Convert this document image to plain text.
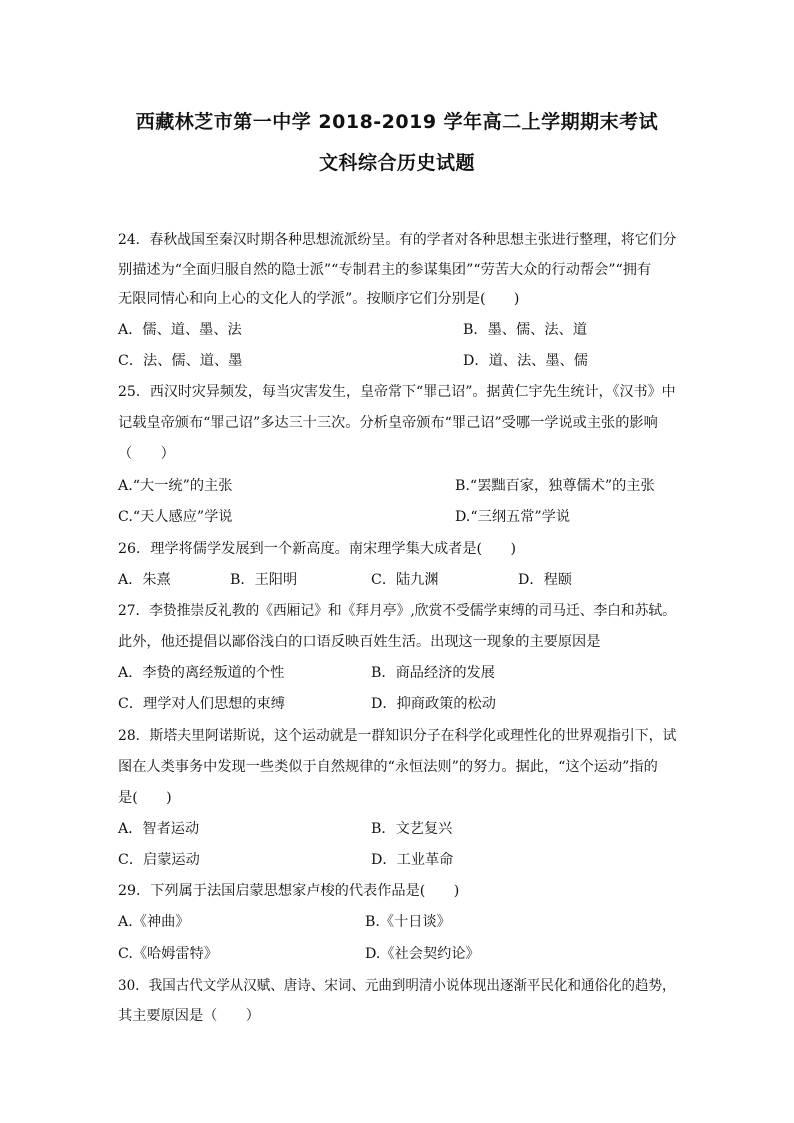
西藏林芝市第一中学 2018-2019 学年高二上学期期末考试
文科综合历史试题
24．春秋战国至秦汉时期各种思想流派纷呈。有的学者对各种思想主张进行整理，将它们分
别描述为“全面归服自然的隐士派”“专制君主的参谋集团”“劳苦大众的行动帮会”“拥有
无限同情心和向上心的文化人的学派”。按顺序它们分别是(　　)
A．儒、道、墨、法	B．墨、儒、法、道
C．法、儒、道、墨	D．道、法、墨、儒
25．西汉时灾异频发，每当灾害发生，皇帝常下“罪己诏”。据黄仁宇先生统计，《汉书》中
记载皇帝颁布“罪己诏”多达三十三次。分析皇帝颁布“罪己诏”受哪一学说或主张的影响
（　　）
A.“大一统”的主张	B.“罢黜百家，独尊儒术”的主张
C.“天人感应”学说	D.“三纲五常”学说
26．理学将儒学发展到一个新高度。南宋理学集大成者是(　　)
A．朱熹	B．王阳明	C．陆九渊	D．程颐
27．李贽推崇反礼教的《西厢记》和《拜月亭》,欣赏不受儒学束缚的司马迁、李白和苏轼。
此外，他还提倡以鄙俗浅白的口语反映百姓生活。出现这一现象的主要原因是
A．李贽的离经叛道的个性	B．商品经济的发展
C．理学对人们思想的束缚	D．抑商政策的松动
28．斯塔夫里阿诺斯说，这个运动就是一群知识分子在科学化或理性化的世界观指引下，试
图在人类事务中发现一些类似于自然规律的“永恒法则”的努力。据此，“这个运动”指的
是(　　)
A．智者运动	B．文艺复兴
C．启蒙运动	D．工业革命
29．下列属于法国启蒙思想家卢梭的代表作品是(　　)
A.《神曲》	B.《十日谈》
C.《哈姆雷特》	D.《社会契约论》
30．我国古代文学从汉赋、唐诗、宋词、元曲到明清小说体现出逐渐平民化和通俗化的趋势，
其主要原因是（　　）
